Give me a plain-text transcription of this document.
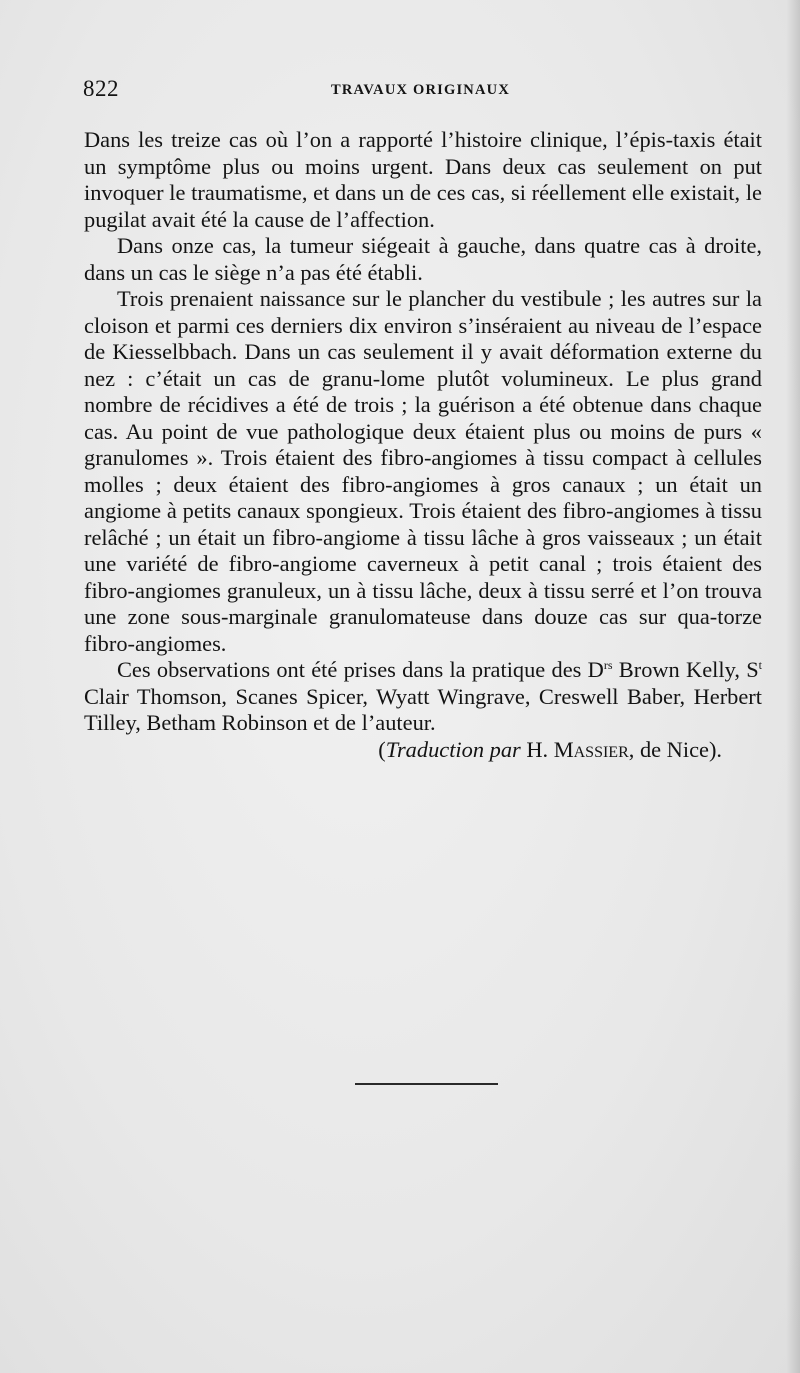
822	TRAVAUX ORIGINAUX

Dans les treize cas où l’on a rapporté l’histoire clinique, l’épis-taxis était un symptôme plus ou moins urgent. Dans deux cas seulement on put invoquer le traumatisme, et dans un de ces cas, si réellement elle existait, le pugilat avait été la cause de l’affection.

Dans onze cas, la tumeur siégeait à gauche, dans quatre cas à droite, dans un cas le siège n’a pas été établi.

Trois prenaient naissance sur le plancher du vestibule ; les autres sur la cloison et parmi ces derniers dix environ s’inséraient au niveau de l’espace de Kiesselbbach. Dans un cas seulement il y avait déformation externe du nez : c’était un cas de granu-lome plutôt volumineux. Le plus grand nombre de récidives a été de trois ; la guérison a été obtenue dans chaque cas. Au point de vue pathologique deux étaient plus ou moins de purs « granulomes ». Trois étaient des fibro-angiomes à tissu compact à cellules molles ; deux étaient des fibro-angiomes à gros canaux ; un était un angiome à petits canaux spongieux. Trois étaient des fibro-angiomes à tissu relâché ; un était un fibro-angiome à tissu lâche à gros vaisseaux ; un était une variété de fibro-angiome caverneux à petit canal ; trois étaient des fibro-angiomes granuleux, un à tissu lâche, deux à tissu serré et l’on trouva une zone sous-marginale granulomateuse dans douze cas sur qua-torze fibro-angiomes.

Ces observations ont été prises dans la pratique des $D^{rs}$ Brown Kelly, $S^t$ Clair Thomson, Scanes Spicer, Wyatt Wingrave, Creswell Baber, Herbert Tilley, Betham Robinson et de l’auteur.

(Traduction par H. Massier, de Nice).
